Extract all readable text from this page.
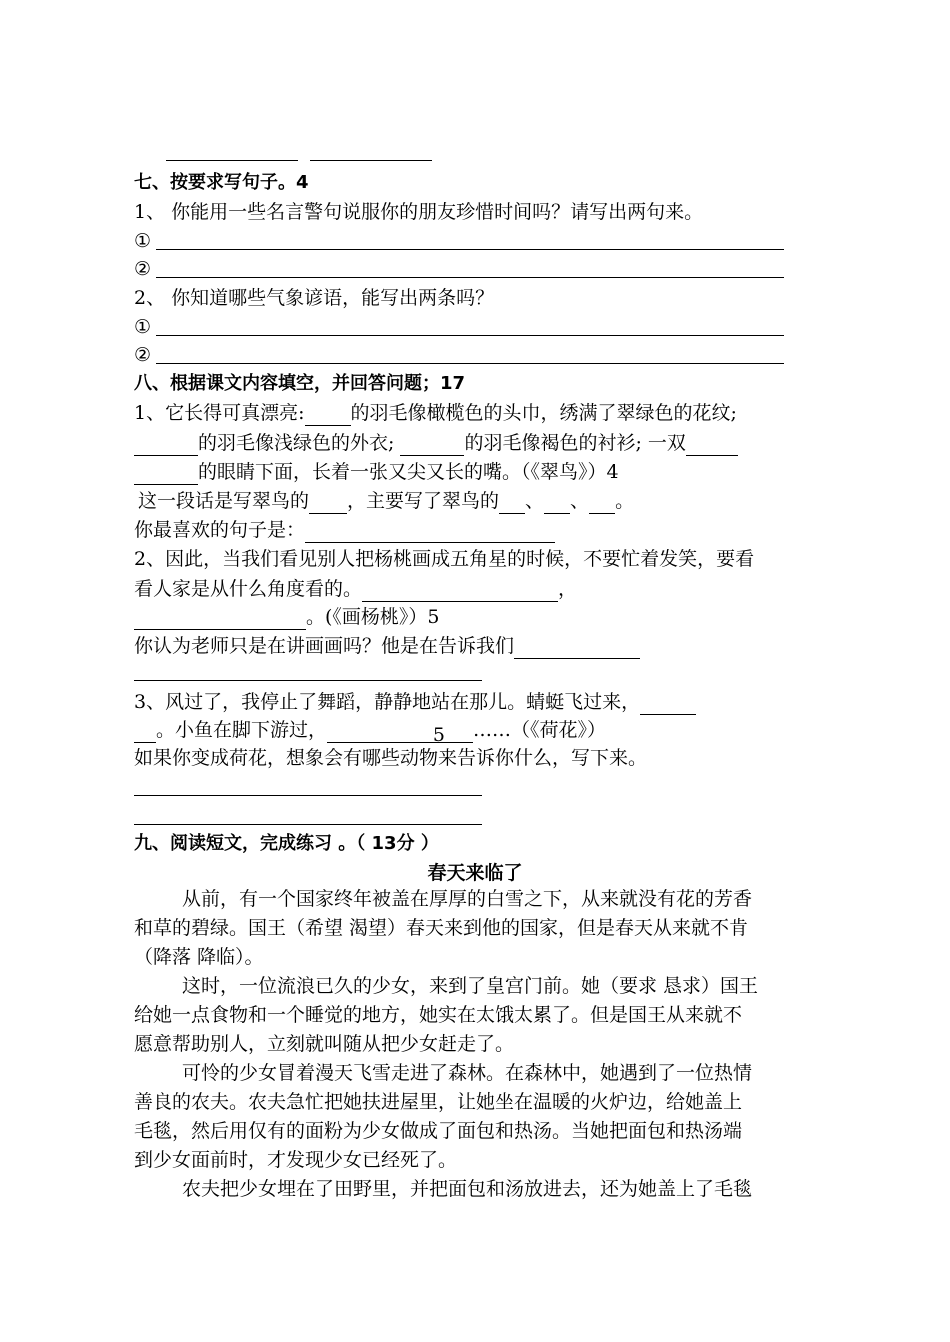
七、按要求写句子。4
1、 你能用一些名言警句说服你的朋友珍惜时间吗？请写出两句来。
①
②
2、 你知道哪些气象谚语，能写出两条吗？
①
②
八、根据课文内容填空，并回答问题；17
1、它长得可真漂亮: 的羽毛像橄榄色的头巾，绣满了翠绿色的花纹;
的羽毛像浅绿色的外衣;	的羽毛像褐色的衬衫; 一双
的眼睛下面，长着一张又尖又长的嘴。（《翠鸟》）4
这一段话是写翠鸟的 ，主要写了翠鸟的 、 、 。
你最喜欢的句子是：
2、因此，当我们看见别人把杨桃画成五角星的时候，不要忙着发笑，要看
看人家是从什么角度看的。	，
。(《画杨桃》）5
你认为老师只是在讲画画吗？他是在告诉我们
3、风过了，我停止了舞蹈，静静地站在那儿。蜻蜓飞过来，
。小鱼在脚下游过，	5 ……（《荷花》）
如果你变成荷花，想象会有哪些动物来告诉你什么，写下来。
九、阅读短文，完成练习 。（ 13分 ）
春天来临了
从前，有一个国家终年被盖在厚厚的白雪之下，从来就没有花的芳香
和草的碧绿。国王（希望 渴望）春天来到他的国家，但是春天从来就不肯
（降落 降临）。
这时，一位流浪已久的少女，来到了皇宫门前。她（要求 恳求）国王
给她一点食物和一个睡觉的地方，她实在太饿太累了。但是国王从来就不
愿意帮助别人，立刻就叫随从把少女赶走了。
可怜的少女冒着漫天飞雪走进了森林。在森林中，她遇到了一位热情
善良的农夫。农夫急忙把她扶进屋里，让她坐在温暖的火炉边，给她盖上
毛毯，然后用仅有的面粉为少女做成了面包和热汤。当她把面包和热汤端
到少女面前时，才发现少女已经死了。
农夫把少女埋在了田野里，并把面包和汤放进去，还为她盖上了毛毯
